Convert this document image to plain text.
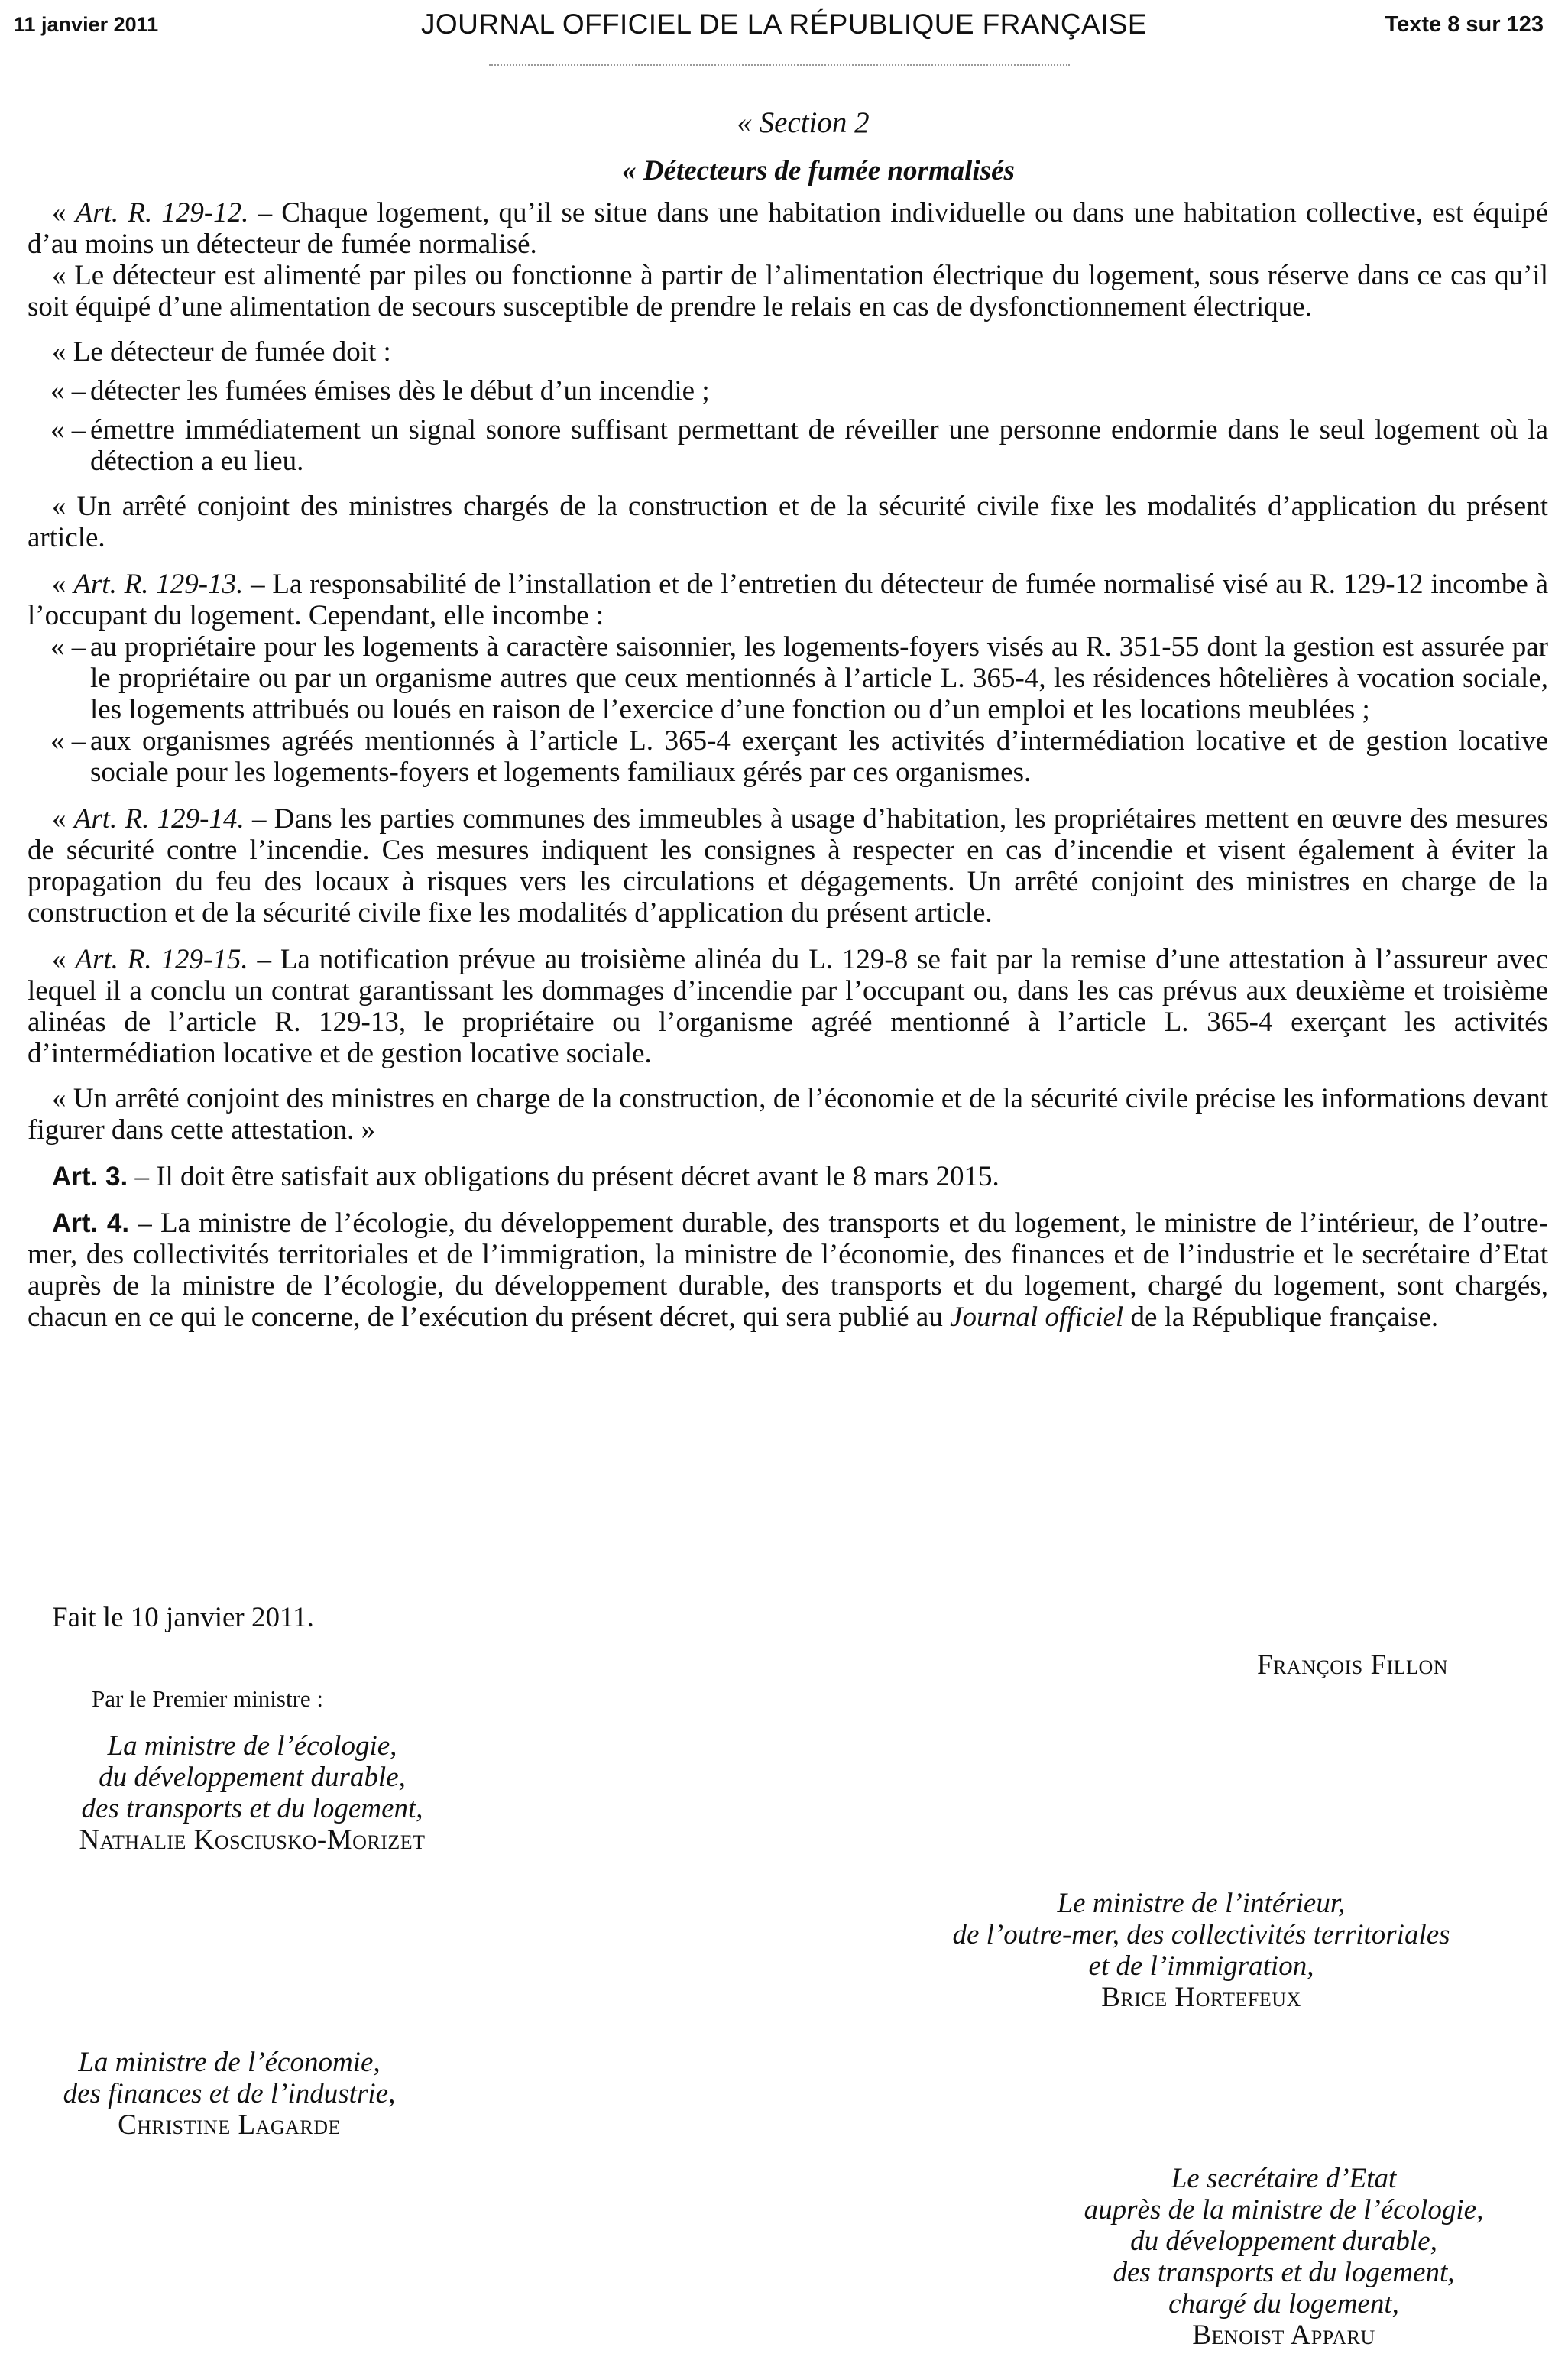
11 janvier 2011	JOURNAL OFFICIEL DE LA RÉPUBLIQUE FRANÇAISE	Texte 8 sur 123
« Section 2
« Détecteurs de fumée normalisés

« Art. R. 129-12. – Chaque logement, qu’il se situe dans une habitation individuelle ou dans une habitation collective, est équipé d’au moins un détecteur de fumée normalisé.

« Le détecteur est alimenté par piles ou fonctionne à partir de l’alimentation électrique du logement, sous réserve dans ce cas qu’il soit équipé d’une alimentation de secours susceptible de prendre le relais en cas de dysfonctionnement électrique.

« Le détecteur de fumée doit :

« – détecter les fumées émises dès le début d’un incendie ;

« – émettre immédiatement un signal sonore suffisant permettant de réveiller une personne endormie dans le seul logement où la détection a eu lieu.

« Un arrêté conjoint des ministres chargés de la construction et de la sécurité civile fixe les modalités d’application du présent article.

« Art. R. 129-13. – La responsabilité de l’installation et de l’entretien du détecteur de fumée normalisé visé au R. 129-12 incombe à l’occupant du logement. Cependant, elle incombe :

« – au propriétaire pour les logements à caractère saisonnier, les logements-foyers visés au R. 351-55 dont la gestion est assurée par le propriétaire ou par un organisme autres que ceux mentionnés à l’article L. 365-4, les résidences hôtelières à vocation sociale, les logements attribués ou loués en raison de l’exercice d’une fonction ou d’un emploi et les locations meublées ;

« – aux organismes agréés mentionnés à l’article L. 365-4 exerçant les activités d’intermédiation locative et de gestion locative sociale pour les logements-foyers et logements familiaux gérés par ces organismes.

« Art. R. 129-14. – Dans les parties communes des immeubles à usage d’habitation, les propriétaires mettent en œuvre des mesures de sécurité contre l’incendie. Ces mesures indiquent les consignes à respecter en cas d’incendie et visent également à éviter la propagation du feu des locaux à risques vers les circulations et dégagements. Un arrêté conjoint des ministres en charge de la construction et de la sécurité civile fixe les modalités d’application du présent article.

« Art. R. 129-15. – La notification prévue au troisième alinéa du L. 129-8 se fait par la remise d’une attestation à l’assureur avec lequel il a conclu un contrat garantissant les dommages d’incendie par l’occupant ou, dans les cas prévus aux deuxième et troisième alinéas de l’article R. 129-13, le propriétaire ou l’organisme agréé mentionné à l’article L. 365-4 exerçant les activités d’intermédiation locative et de gestion locative sociale.

« Un arrêté conjoint des ministres en charge de la construction, de l’économie et de la sécurité civile précise les informations devant figurer dans cette attestation. »

Art. 3. – Il doit être satisfait aux obligations du présent décret avant le 8 mars 2015.

Art. 4. – La ministre de l’écologie, du développement durable, des transports et du logement, le ministre de l’intérieur, de l’outre-mer, des collectivités territoriales et de l’immigration, la ministre de l’économie, des finances et de l’industrie et le secrétaire d’Etat auprès de la ministre de l’écologie, du développement durable, des transports et du logement, chargé du logement, sont chargés, chacun en ce qui le concerne, de l’exécution du présent décret, qui sera publié au Journal officiel de la République française.

Fait le 10 janvier 2011.
François Fillon
Par le Premier ministre :
La ministre de l’écologie,
du développement durable,
des transports et du logement,
Nathalie Kosciusko-Morizet
Le ministre de l’intérieur,
de l’outre-mer, des collectivités territoriales
et de l’immigration,
Brice Hortefeux
La ministre de l’économie,
des finances et de l’industrie,
Christine Lagarde
Le secrétaire d’Etat
auprès de la ministre de l’écologie,
du développement durable,
des transports et du logement,
chargé du logement,
Benoist Apparu
